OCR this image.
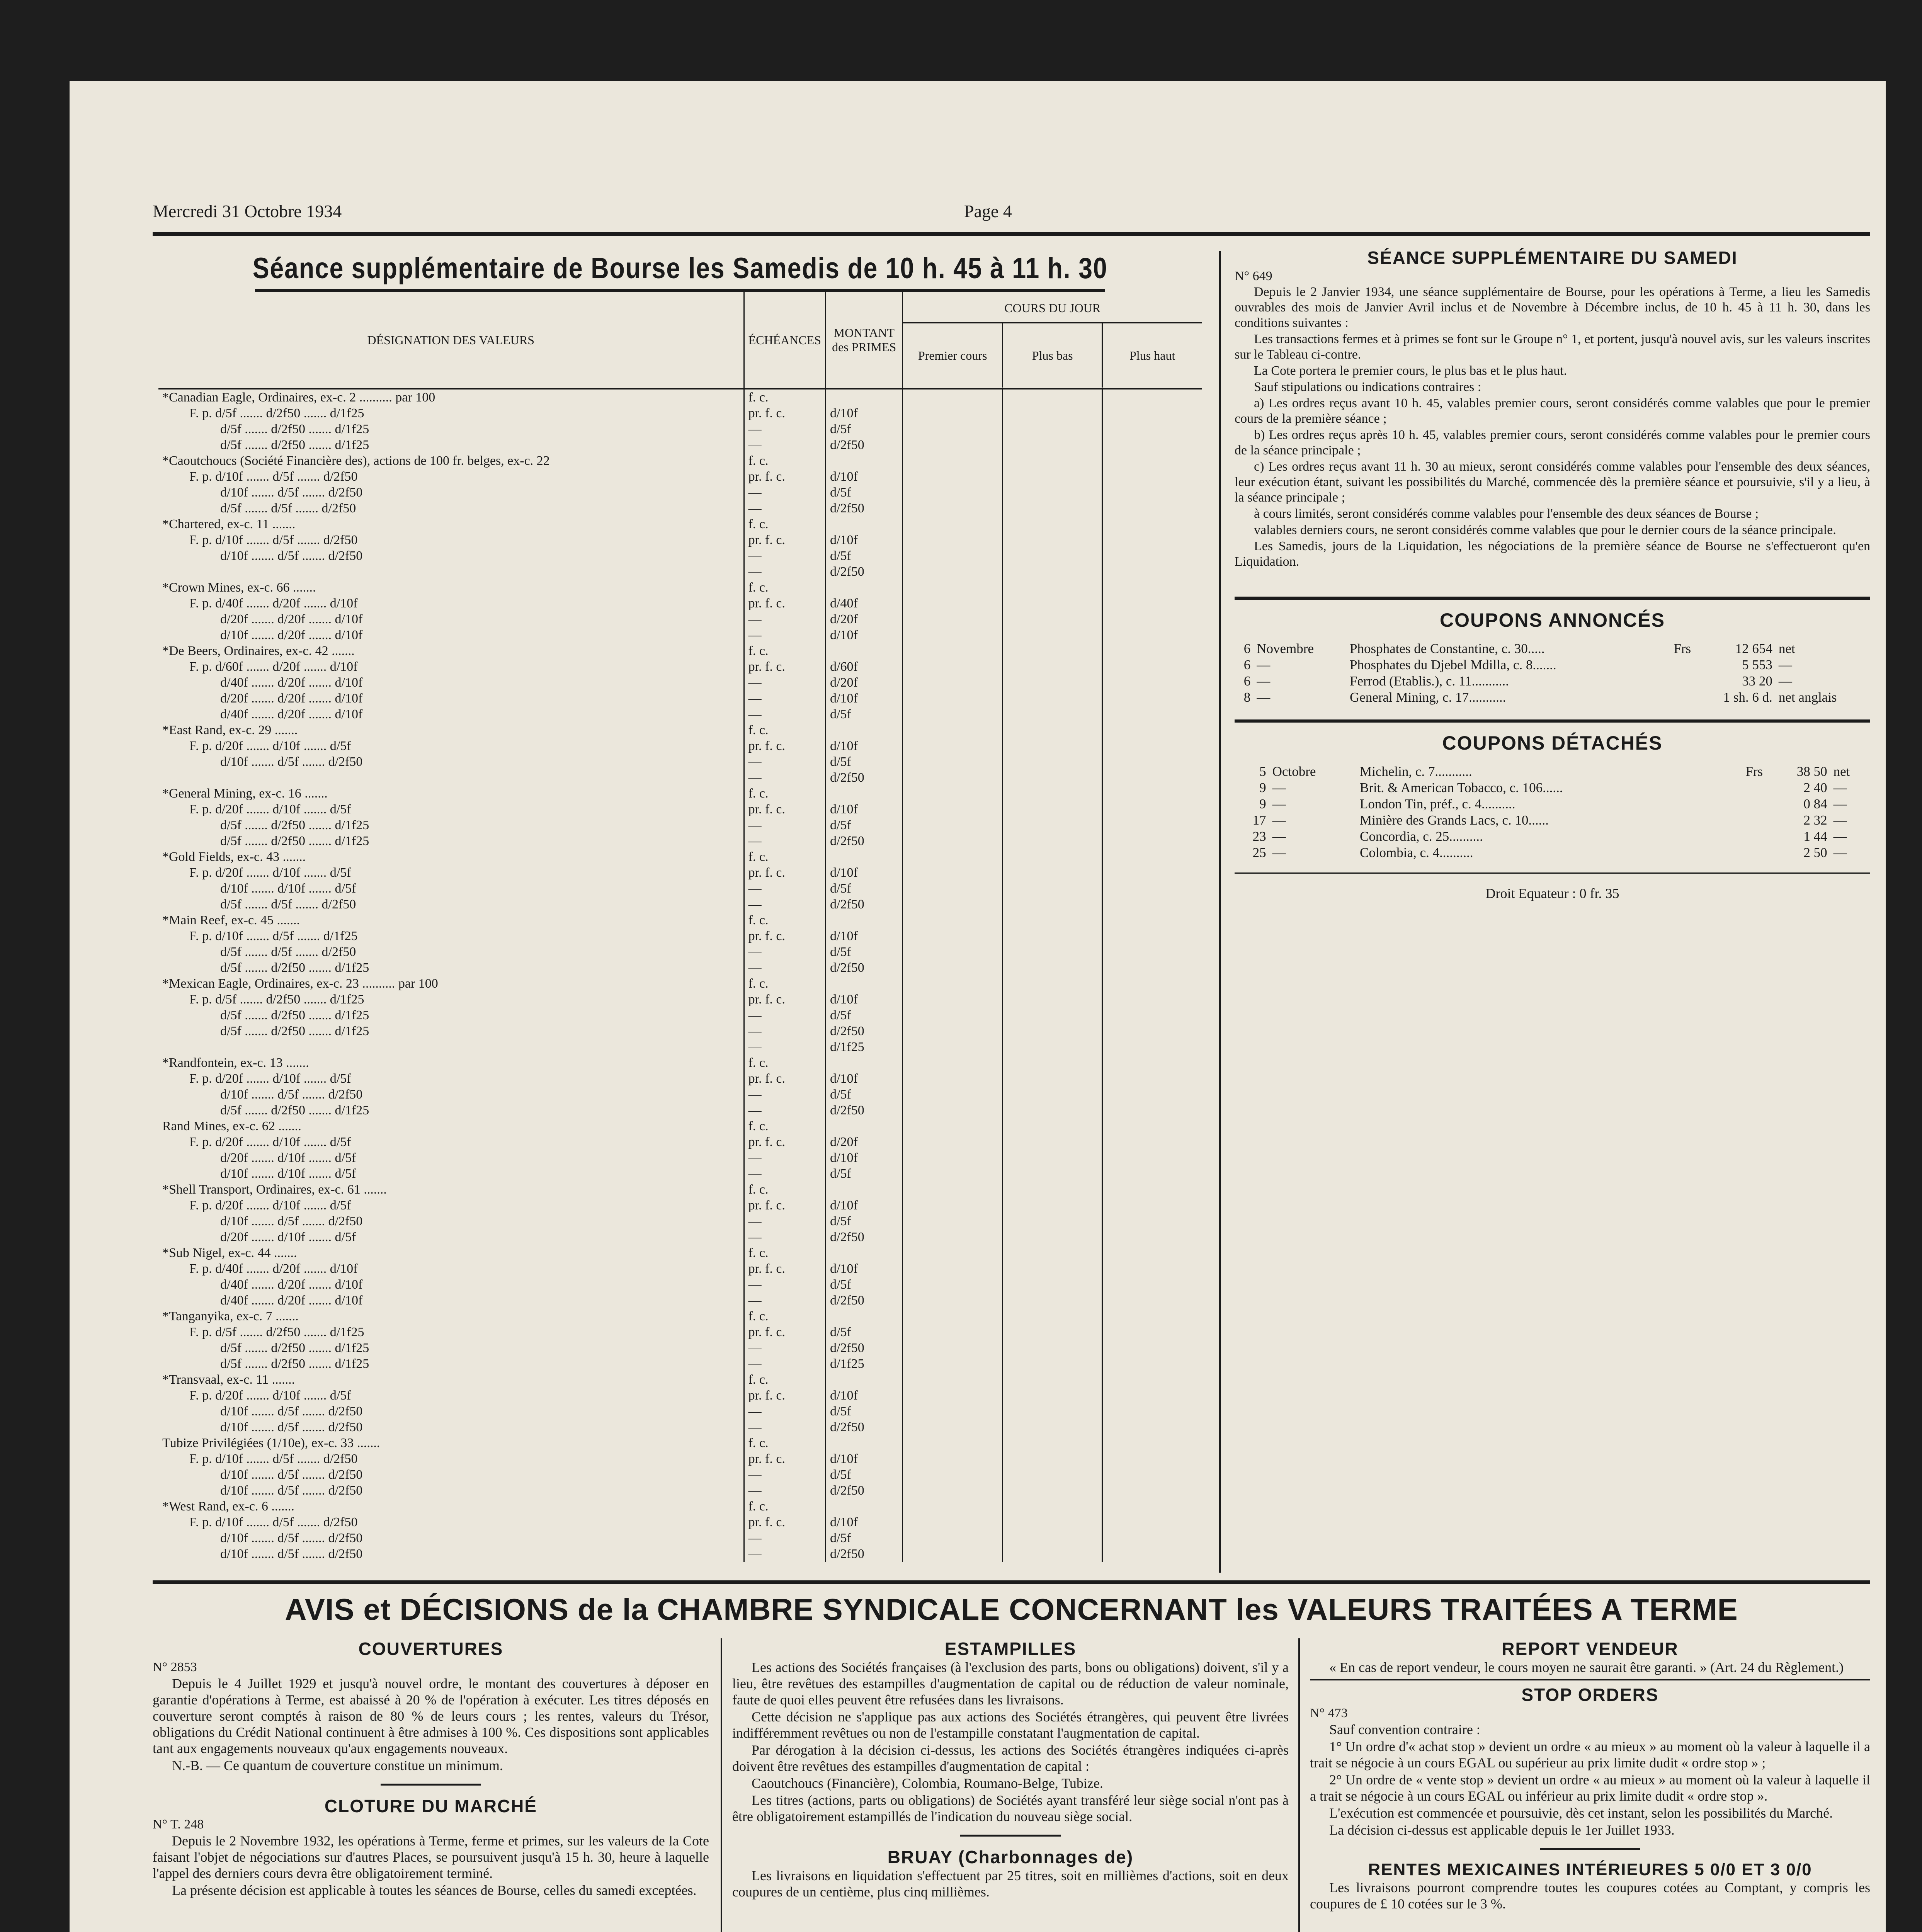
Mercredi 31 Octobre 1934	Page 4
Séance supplémentaire de Bourse les Samedis de 10 h. 45 à 11 h. 30
DÉSIGNATION DES VALEURS	ÉCHÉANCES	MONTANT des PRIMES	COURS DU JOUR
Premier cours Plus bas Plus haut

*Canadian Eagle, Ordinaires, ex-c. 2 .......... par 100	f. c.		

F. p. d/5f ....... d/2f50 ....... d/1f25	pr. f. c.	d/10f	

d/5f ....... d/2f50 ....... d/1f25	—	d/5f	

d/5f ....... d/2f50 ....... d/1f25	—	d/2f50	

*Caoutchoucs (Société Financière des), actions de 100 fr. belges, ex-c. 22	f. c.		

F. p. d/10f ....... d/5f ....... d/2f50	pr. f. c.	d/10f	

d/10f ....... d/5f ....... d/2f50	—	d/5f	

d/5f ....... d/5f ....... d/2f50	—	d/2f50	

*Chartered, ex-c. 11 .......	f. c.		

F. p. d/10f ....... d/5f ....... d/2f50	pr. f. c.	d/10f	

d/10f ....... d/5f ....... d/2f50	—	d/5f	

	—	d/2f50	

*Crown Mines, ex-c. 66 .......	f. c.		

F. p. d/40f ....... d/20f ....... d/10f	pr. f. c.	d/40f	

d/20f ....... d/20f ....... d/10f	—	d/20f	

d/10f ....... d/20f ....... d/10f	—	d/10f	

*De Beers, Ordinaires, ex-c. 42 .......	f. c.		

F. p. d/60f ....... d/20f ....... d/10f	pr. f. c.	d/60f	

d/40f ....... d/20f ....... d/10f	—	d/20f	

d/20f ....... d/20f ....... d/10f	—	d/10f	

d/40f ....... d/20f ....... d/10f	—	d/5f	

*East Rand, ex-c. 29 .......	f. c.		

F. p. d/20f ....... d/10f ....... d/5f	pr. f. c.	d/10f	

d/10f ....... d/5f ....... d/2f50	—	d/5f	

	—	d/2f50	

*General Mining, ex-c. 16 .......	f. c.		

F. p. d/20f ....... d/10f ....... d/5f	pr. f. c.	d/10f	

d/5f ....... d/2f50 ....... d/1f25	—	d/5f	

d/5f ....... d/2f50 ....... d/1f25	—	d/2f50	

*Gold Fields, ex-c. 43 .......	f. c.		

F. p. d/20f ....... d/10f ....... d/5f	pr. f. c.	d/10f	

d/10f ....... d/10f ....... d/5f	—	d/5f	

d/5f ....... d/5f ....... d/2f50	—	d/2f50	

*Main Reef, ex-c. 45 .......	f. c.		

F. p. d/10f ....... d/5f ....... d/1f25	pr. f. c.	d/10f	

d/5f ....... d/5f ....... d/2f50	—	d/5f	

d/5f ....... d/2f50 ....... d/1f25	—	d/2f50	

*Mexican Eagle, Ordinaires, ex-c. 23 .......... par 100	f. c.		

F. p. d/5f ....... d/2f50 ....... d/1f25	pr. f. c.	d/10f	

d/5f ....... d/2f50 ....... d/1f25	—	d/5f	

d/5f ....... d/2f50 ....... d/1f25	—	d/2f50	

	—	d/1f25	

*Randfontein, ex-c. 13 .......	f. c.		

F. p. d/20f ....... d/10f ....... d/5f	pr. f. c.	d/10f	

d/10f ....... d/5f ....... d/2f50	—	d/5f	

d/5f ....... d/2f50 ....... d/1f25	—	d/2f50	

Rand Mines, ex-c. 62 .......	f. c.		

F. p. d/20f ....... d/10f ....... d/5f	pr. f. c.	d/20f	

d/20f ....... d/10f ....... d/5f	—	d/10f	

d/10f ....... d/10f ....... d/5f	—	d/5f	

*Shell Transport, Ordinaires, ex-c. 61 .......	f. c.		

F. p. d/20f ....... d/10f ....... d/5f	pr. f. c.	d/10f	

d/10f ....... d/5f ....... d/2f50	—	d/5f	

d/20f ....... d/10f ....... d/5f	—	d/2f50	

*Sub Nigel, ex-c. 44 .......	f. c.		

F. p. d/40f ....... d/20f ....... d/10f	pr. f. c.	d/10f	

d/40f ....... d/20f ....... d/10f	—	d/5f	

d/40f ....... d/20f ....... d/10f	—	d/2f50	

*Tanganyika, ex-c. 7 .......	f. c.		

F. p. d/5f ....... d/2f50 ....... d/1f25	pr. f. c.	d/5f	

d/5f ....... d/2f50 ....... d/1f25	—	d/2f50	

d/5f ....... d/2f50 ....... d/1f25	—	d/1f25	

*Transvaal, ex-c. 11 .......	f. c.		

F. p. d/20f ....... d/10f ....... d/5f	pr. f. c.	d/10f	

d/10f ....... d/5f ....... d/2f50	—	d/5f	

d/10f ....... d/5f ....... d/2f50	—	d/2f50	

Tubize Privilégiées (1/10e), ex-c. 33 .......	f. c.		

F. p. d/10f ....... d/5f ....... d/2f50	pr. f. c.	d/10f	

d/10f ....... d/5f ....... d/2f50	—	d/5f	

d/10f ....... d/5f ....... d/2f50	—	d/2f50	

*West Rand, ex-c. 6 .......	f. c.		

F. p. d/10f ....... d/5f ....... d/2f50	pr. f. c.	d/10f	

d/10f ....... d/5f ....... d/2f50	—	d/5f	

d/10f ....... d/5f ....... d/2f50	—	d/2f50	
SÉANCE SUPPLÉMENTAIRE DU SAMEDI
N° 649

Depuis le 2 Janvier 1934, une séance supplémentaire de Bourse, pour les opérations à Terme, a lieu les Samedis ouvrables des mois de Janvier Avril inclus et de Novembre à Décembre inclus, de 10 h. 45 à 11 h. 30, dans les conditions suivantes :

Les transactions fermes et à primes se font sur le Groupe n° 1, et portent, jusqu'à nouvel avis, sur les valeurs inscrites sur le Tableau ci-contre.

La Cote portera le premier cours, le plus bas et le plus haut.

Sauf stipulations ou indications contraires :

a) Les ordres reçus avant 10 h. 45, valables premier cours, seront considérés comme valables que pour le premier cours de la première séance ;

b) Les ordres reçus après 10 h. 45, valables premier cours, seront considérés comme valables pour le premier cours de la séance principale ;

c) Les ordres reçus avant 11 h. 30 au mieux, seront considérés comme valables pour l'ensemble des deux séances, leur exécution étant, suivant les possibilités du Marché, commencée dès la première séance et poursuivie, s'il y a lieu, à la séance principale ;

à cours limités, seront considérés comme valables pour l'ensemble des deux séances de Bourse ;

valables derniers cours, ne seront considérés comme valables que pour le dernier cours de la séance principale.

Les Samedis, jours de la Liquidation, les négociations de la première séance de Bourse ne s'effectueront qu'en Liquidation.

COUPONS ANNONCÉS
6	Novembre	Phosphates de Constantine, c. 30.....	Frs	12 654	net
6	—	Phosphates du Djebel Mdilla, c. 8.......		5 553	—
6	—	Ferrod (Etablis.), c. 11...........		33 20	—
8	—	General Mining, c. 17...........		1 sh. 6 d.	net anglais
COUPONS DÉTACHÉS
5	Octobre	Michelin, c. 7...........	Frs	38 50	net
9	—	Brit. & American Tobacco, c. 106......		2 40	—
9	—	London Tin, préf., c. 4..........		0 84	—
17	—	Minière des Grands Lacs, c. 10......		2 32	—
23	—	Concordia, c. 25..........		1 44	—
25	—	Colombia, c. 4..........		2 50	—
Droit Equateur : 0 fr. 35
AVIS et DÉCISIONS de la CHAMBRE SYNDICALE CONCERNANT les VALEURS TRAITÉES A TERME
COUVERTURES
N° 2853

Depuis le 4 Juillet 1929 et jusqu'à nouvel ordre, le montant des couvertures à déposer en garantie d'opérations à Terme, est abaissé à 20 % de l'opération à exécuter. Les titres déposés en couverture seront comptés à raison de 80 % de leurs cours ; les rentes, valeurs du Trésor, obligations du Crédit National continuent à être admises à 100 %. Ces dispositions sont applicables tant aux engagements nouveaux qu'aux engagements nouveaux.

N.-B. — Ce quantum de couverture constitue un minimum.

CLOTURE DU MARCHÉ
N° T. 248

Depuis le 2 Novembre 1932, les opérations à Terme, ferme et primes, sur les valeurs de la Cote faisant l'objet de négociations sur d'autres Places, se poursuivent jusqu'à 15 h. 30, heure à laquelle l'appel des derniers cours devra être obligatoirement terminé.

La présente décision est applicable à toutes les séances de Bourse, celles du samedi exceptées.

ESTAMPILLES

Les actions des Sociétés françaises (à l'exclusion des parts, bons ou obligations) doivent, s'il y a lieu, être revêtues des estampilles d'augmentation de capital ou de réduction de valeur nominale, faute de quoi elles peuvent être refusées dans les livraisons.

Cette décision ne s'applique pas aux actions des Sociétés étrangères, qui peuvent être livrées indifféremment revêtues ou non de l'estampille constatant l'augmentation de capital.

Par dérogation à la décision ci-dessus, les actions des Sociétés étrangères indiquées ci-après doivent être revêtues des estampilles d'augmentation de capital :

Caoutchoucs (Financière), Colombia, Roumano-Belge, Tubize.

Les titres (actions, parts ou obligations) de Sociétés ayant transféré leur siège social n'ont pas à être obligatoirement estampillés de l'indication du nouveau siège social.

BRUAY (Charbonnages de)

Les livraisons en liquidation s'effectuent par 25 titres, soit en millièmes d'actions, soit en deux coupures de un centième, plus cinq millièmes.

REPORT VENDEUR

« En cas de report vendeur, le cours moyen ne saurait être garanti. » (Art. 24 du Règlement.)

STOP ORDERS
N° 473

Sauf convention contraire :

1° Un ordre d'« achat stop » devient un ordre « au mieux » au moment où la valeur à laquelle il a trait se négocie à un cours EGAL ou supérieur au prix limite dudit « ordre stop » ;

2° Un ordre de « vente stop » devient un ordre « au mieux » au moment où la valeur à laquelle il a trait se négocie à un cours EGAL ou inférieur au prix limite dudit « ordre stop ».

L'exécution est commencée et poursuivie, dès cet instant, selon les possibilités du Marché.

La décision ci-dessus est applicable depuis le 1er Juillet 1933.

RENTES MEXICAINES INTÉRIEURES 5 0/0 ET 3 0/0

Les livraisons pourront comprendre toutes les coupures cotées au Comptant, y compris les coupures de £ 10 cotées sur le 3 %.
